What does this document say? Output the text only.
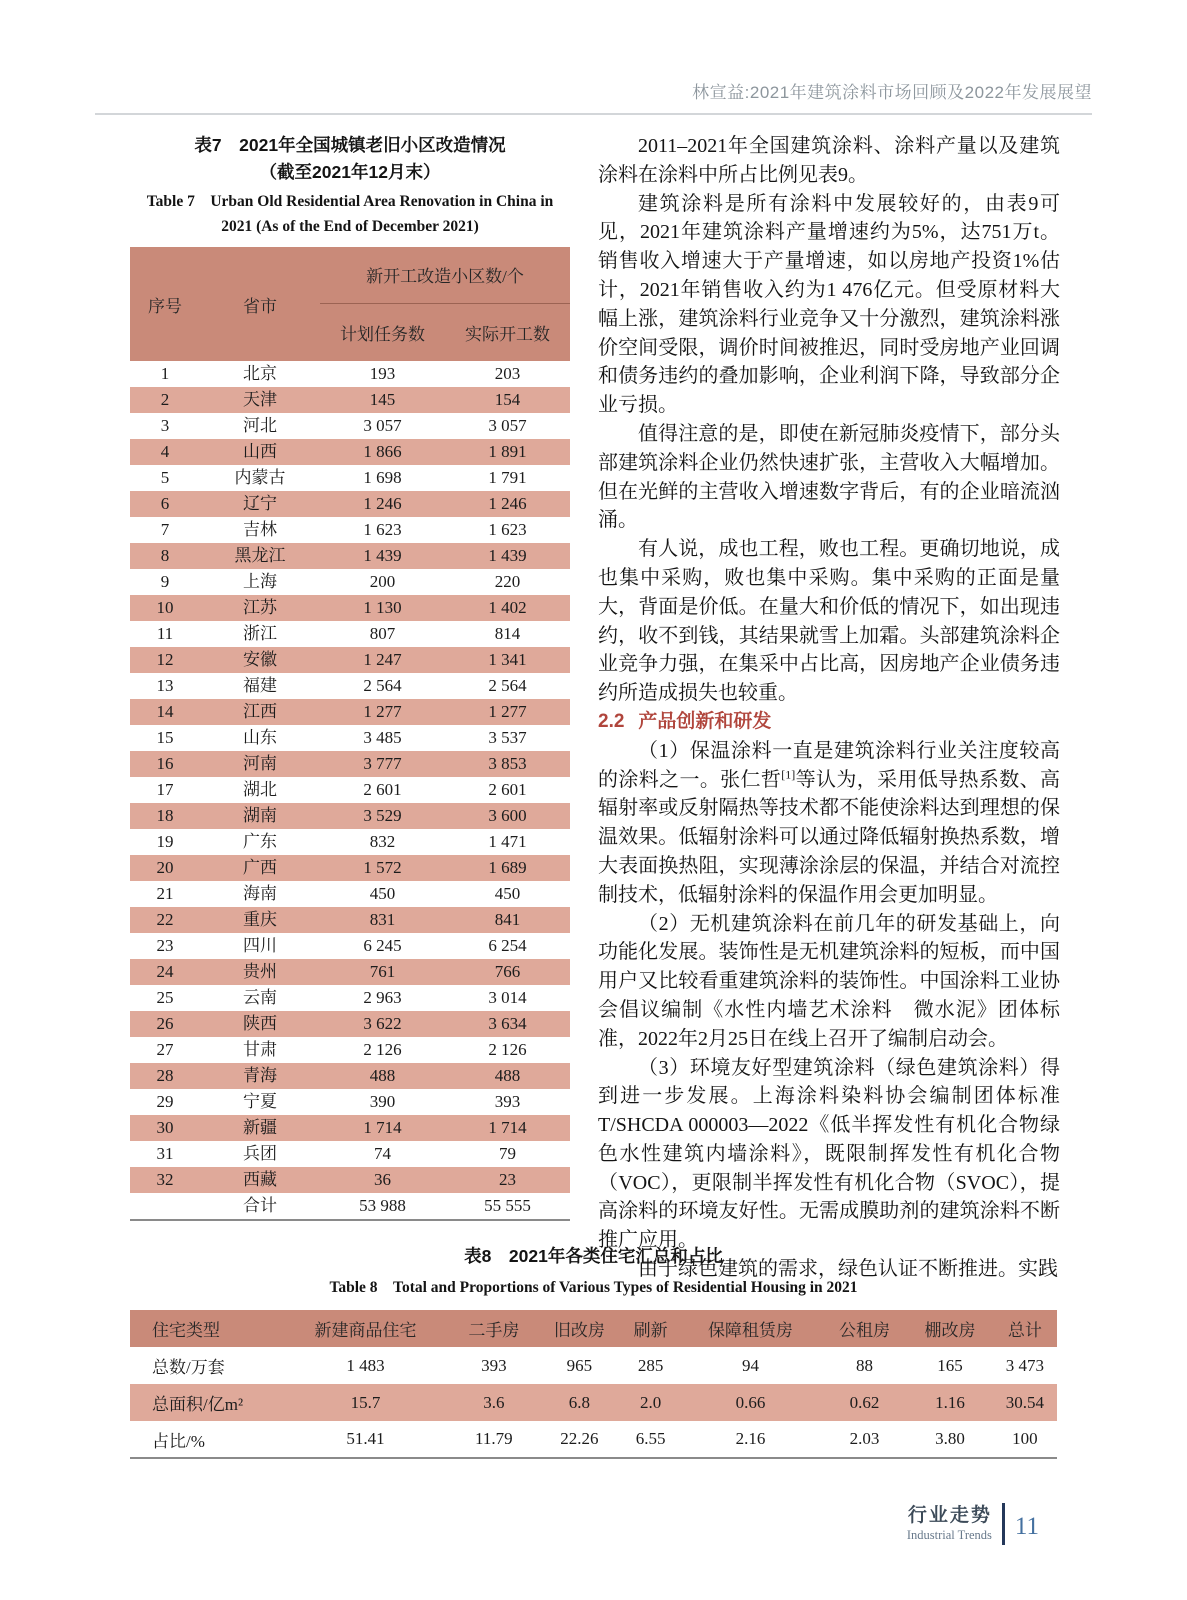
林宣益:2021年建筑涂料市场回顾及2022年发展展望
表7　2021年全国城镇老旧小区改造情况
（截至2021年12月末）
Table 7　Urban Old Residential Area Renovation in China in 2021 (As of the End of December 2021)
序号	省市	新开工改造小区数/个	
		计划任务数	实际开工数
1	北京	193	203
2	天津	145	154
3	河北	3 057	3 057
4	山西	1 866	1 891
5	内蒙古	1 698	1 791
6	辽宁	1 246	1 246
7	吉林	1 623	1 623
8	黑龙江	1 439	1 439
9	上海	200	220
10	江苏	1 130	1 402
11	浙江	807	814
12	安徽	1 247	1 341
13	福建	2 564	2 564
14	江西	1 277	1 277
15	山东	3 485	3 537
16	河南	3 777	3 853
17	湖北	2 601	2 601
18	湖南	3 529	3 600
19	广东	832	1 471
20	广西	1 572	1 689
21	海南	450	450
22	重庆	831	841
23	四川	6 245	6 254
24	贵州	761	766
25	云南	2 963	3 014
26	陕西	3 622	3 634
27	甘肃	2 126	2 126
28	青海	488	488
29	宁夏	390	393
30	新疆	1 714	1 714
31	兵团	74	79
32	西藏	36	23
	合计	53 988	55 555

2011–2021年全国建筑涂料、涂料产量以及建筑涂料在涂料中所占比例见表9。

建筑涂料是所有涂料中发展较好的，由表9可见，2021年建筑涂料产量增速约为5%，达751万t。销售收入增速大于产量增速，如以房地产投资1%估计，2021年销售收入约为1 476亿元。但受原材料大幅上涨，建筑涂料行业竞争又十分激烈，建筑涂料涨价空间受限，调价时间被推迟，同时受房地产业回调和债务违约的叠加影响，企业利润下降，导致部分企业亏损。

值得注意的是，即使在新冠肺炎疫情下，部分头部建筑涂料企业仍然快速扩张，主营收入大幅增加。但在光鲜的主营收入增速数字背后，有的企业暗流汹涌。

有人说，成也工程，败也工程。更确切地说，成也集中采购，败也集中采购。集中采购的正面是量大，背面是价低。在量大和价低的情况下，如出现违约，收不到钱，其结果就雪上加霜。头部建筑涂料企业竞争力强，在集采中占比高，因房地产企业债务违约所造成损失也较重。

2.2 产品创新和研发

（1）保温涂料一直是建筑涂料行业关注度较高的涂料之一。张仁哲[1]等认为，采用低导热系数、高辐射率或反射隔热等技术都不能使涂料达到理想的保温效果。低辐射涂料可以通过降低辐射换热系数，增大表面换热阻，实现薄涂涂层的保温，并结合对流控制技术，低辐射涂料的保温作用会更加明显。

（2）无机建筑涂料在前几年的研发基础上，向功能化发展。装饰性是无机建筑涂料的短板，而中国用户又比较看重建筑涂料的装饰性。中国涂料工业协会倡议编制《水性内墙艺术涂料　微水泥》团体标准，2022年2月25日在线上召开了编制启动会。

（3）环境友好型建筑涂料（绿色建筑涂料）得到进一步发展。上海涂料染料协会编制团体标准T/SHCDA 000003—2022《低半挥发性有机化合物绿色水性建筑内墙涂料》，既限制挥发性有机化合物（VOC），更限制半挥发性有机化合物（SVOC），提高涂料的环境友好性。无需成膜助剂的建筑涂料不断推广应用。

由于绿色建筑的需求，绿色认证不断推进。实践

表8　2021年各类住宅汇总和占比
Table 8　Total and Proportions of Various Types of Residential Housing in 2021
住宅类型	新建商品住宅	二手房	旧改房	刷新	保障租赁房	公租房	棚改房	总计
总数/万套	1 483	393	965	285	94	88	165	3 473
总面积/亿m²	15.7	3.6	6.8	2.0	0.66	0.62	1.16	30.54
占比/%	51.41	11.79	22.26	6.55	2.16	2.03	3.80	100
行业走势
Industrial Trends 11
